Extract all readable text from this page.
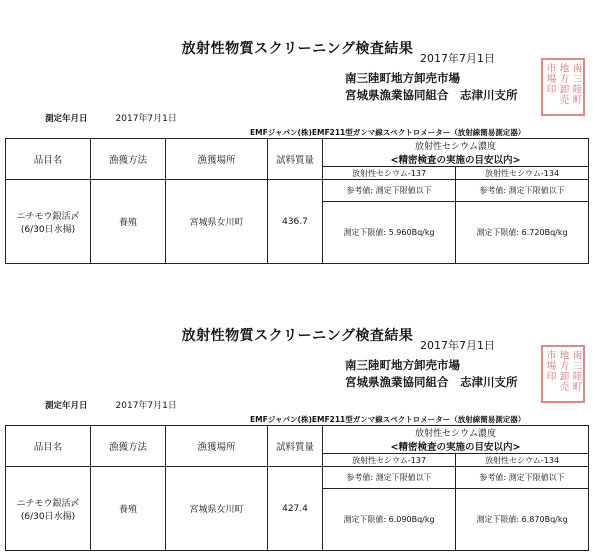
放射性物質スクリーニング検査結果
2017年7月1日
南三陸町地方卸売市場
宮城県漁業協同組合　志津川支所	南三陸町
地方卸売
市場印
測定年月日	2017年7月1日
EMFジャパン(株)EMF211型ガンマ線スペクトロメーター（放射線簡易測定器）
品目名	漁獲方法	漁獲場所	試料質量	放射性セシウム濃度	
				<精密検査の実施の目安以内>	
				放射性セシウム-137	放射性セシウム-134

ニチモウ銀活〆
(6/30日水揚)	養殖	宮城県女川町	436.7	参考値: 測定下限値以下	参考値: 測定下限値以下
				測定下限値: 5.960Bq/kg	測定下限値: 6.720Bq/kg
放射性物質スクリーニング検査結果
2017年7月1日
南三陸町地方卸売市場
宮城県漁業協同組合　志津川支所	南三陸町
地方卸売
市場印
測定年月日	2017年7月1日
EMFジャパン(株)EMF211型ガンマ線スペクトロメーター（放射線簡易測定器）
品目名	漁獲方法	漁獲場所	試料質量	放射性セシウム濃度	
				<精密検査の実施の目安以内>	
				放射性セシウム-137	放射性セシウム-134

ニチモウ銀活〆
(6/30日水揚)	養殖	宮城県女川町	427.4	参考値: 測定下限値以下	参考値: 測定下限値以下
				測定下限値: 6.090Bq/kg	測定下限値: 6.870Bq/kg
